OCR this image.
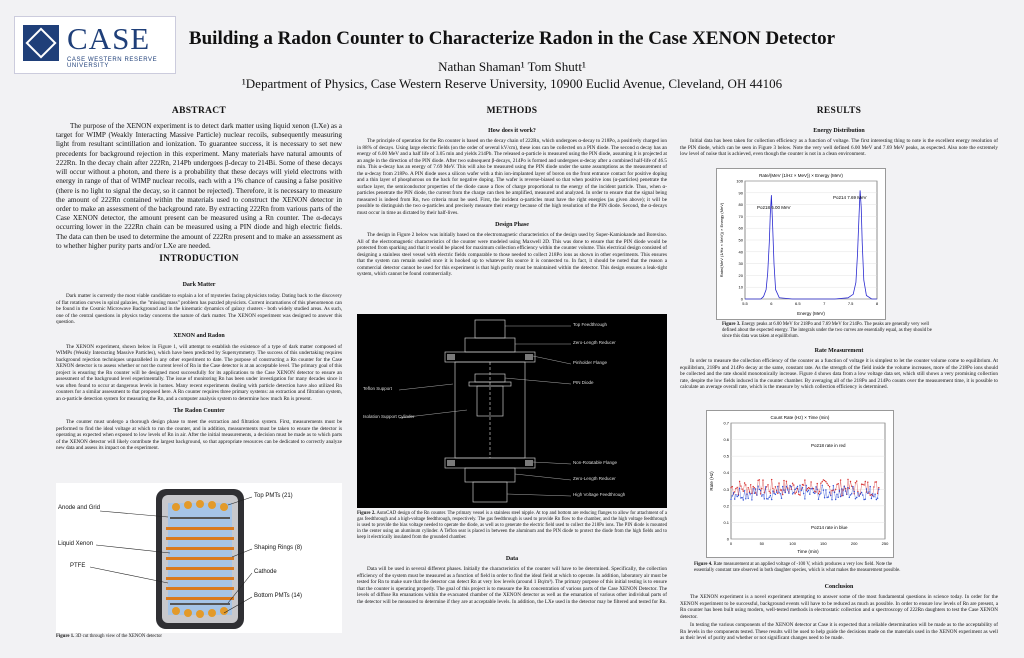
CASE
CASE WESTERN RESERVE UNIVERSITY
Building a Radon Counter to Characterize Radon in the Case XENON Detector
Nathan Shaman¹ Tom Shutt¹
¹Department of Physics, Case Western Reserve University, 10900 Euclid Avenue, Cleveland, OH 44106
ABSTRACT

The purpose of the XENON experiment is to detect dark matter using liquid xenon (LXe) as a target for WIMP (Weakly Interacting Massive Particle) nuclear recoils, subsequently measuring light from resultant scintillation and ionization. To guarantee success, it is necessary to set new precedents for background rejection in this experiment. Many materials have natural amounts of 222Rn. In the decay chain after 222Rn, 214Pb undergoes β-decay to 214Bi. Some of these decays will occur without a photon, and there is a probability that these decays will yield electrons with energy in range of that of WIMP nuclear recoils, each with a 1% chance of causing a false positive (there is no light to signal the decay, so it cannot be rejected). Therefore, it is necessary to measure the amount of 222Rn contained within the materials used to construct the XENON detector in order to make an assessment of the background rate. By extracting 222Rn from various parts of the Case XENON detector, the amount present can be measured using a Rn counter. The α-decays occurring lower in the 222Rn chain can be measured using a PIN diode and high electric fields. The data can then be used to determine the amount of 222Rn present and to make an assessment as to whether higher purity parts and/or LXe are needed.

INTRODUCTION
Dark Matter

Dark matter is currently the most viable candidate to explain a lot of mysteries facing physicists today. Dating back to the discovery of flat rotation curves in spiral galaxies, the "missing mass" problem has puzzled physicists. Current incarnations of this phenomenon can be found in the Cosmic Microwave Background and in the kinematic dynamics of galaxy clusters - both widely studied areas. As such, one of the central questions in physics today concerns the nature of dark matter. The XENON experiment was designed to answer this question.

XENON and Radon

The XENON experiment, shown below in Figure 1, will attempt to establish the existence of a type of dark matter composed of WIMPs (Weakly Interacting Massive Particles), which have been predicted by Supersymmetry. The success of this undertaking requires background rejection techniques unparalleled in any other experiment to date. The purpose of constructing a Rn counter for the Case XENON detector is to assess whether or not the current level of Rn in the Case detector is at an acceptable level. The primary goal of this project is ensuring the Rn counter will be designed most successfully for its applications to the Case XENON detector to ensure an assessment of the background level experimentally. The issue of monitoring Rn has been under investigation for many decades since it was often found to occur at dangerous levels in homes. Many recent experiments dealing with particle detection have also utilized Rn counters for a similar assessment to that proposed here. A Rn counter requires three primary systems: an extraction and filtration system, an α-particle detection system for measuring the Rn, and a computer analysis system to determine how much Rn is present.

The Radon Counter

The counter must undergo a thorough design phase to meet the extraction and filtration system. First, measurements must be performed to find the ideal voltage at which to run the counter, and in addition, measurements must be taken to ensure the detector is operating as expected when exposed to low levels of Rn in air. After the initial measurements, a decision must be made as to which parts of the XENON detector will likely contribute the largest background, so that appropriate resources can be dedicated to correctly analyze new data and assess its impact on the experiment.

Anode and Grid
Liquid Xenon
PTFE
Top PMTs (21)
Shaping Rings (8)
Cathode
Bottom PMTs (14)
Figure 1. 3D cut through view of the XENON detector
METHODS
How does it work?

The principle of operation for the Rn counter is based on the decay chain of 222Rn, which undergoes α-decay to 218Po, a positively charged ion in 88% of decays. Using large electric fields (on the order of several kV/cm), these ions can be collected on a PIN diode. The second α decay has an energy of 6.00 MeV and a half life of 3.05 min and yields 214Pb. The released α-particle is measured using the PIN diode, assuming it is projected at an angle in the direction of the PIN diode. After two subsequent β-decays, 214Po is formed and undergoes α-decay after a combined half-life of 46.5 min. This α-decay has an energy of 7.69 MeV. This will also be measured using the PIN diode under the same assumptions as the measurement of the α-decay from 218Po. A PIN diode uses a silicon wafer with a thin ion-implanted layer of boron on the front entrance contact for positive doping and a thin layer of phosphorous on the back for negative doping. The wafer is reverse-biased so that when positive ions (α-particles) penetrate the surface layer, the semiconductor properties of the diode cause a flow of charge proportional to the energy of the incident particle. Thus, when α-particles penetrate the PIN diode, the current from the charge can then be amplified, measured and analyzed. In order to ensure that the signal being measured is indeed from Rn, two criteria must be used. First, the incident α-particles must have the right energies (as given above); it will be possible to distinguish the two α-particles and precisely measure their energy because of the high resolution of the PIN diode. Second, the α-decays must occur in time as dictated by their half-lives.

Design Phase

The design in Figure 2 below was initially based on the electromagnetic characteristics of the design used by Super-Kamiokande and Borexino. All of the electromagnetic characteristics of the counter were modeled using Maxwell 2D. This was done to ensure that the PIN diode would be protected from sparking and that it would be placed for maximum collection efficiency within the counter volume. This electrical design consisted of designing a stainless steel vessel with electric fields comparable to those needed to collect 218Po ions as shown in other experiments. This ensures that the system can remain sealed once it is hooked up to whatever Rn source it is connected to. In fact, it should be noted that the reason a commercial detector cannot be used for this experiment is that high purity must be maintained within the detector. This design ensures a leak-tight system, which cannot be found commercially.

Top Feedthrough
Zero-Length Reducer
Pinholder Flange
PIN Diode
Teflon Support
Isolation Support Cylinder
Non-Rotatable Flange
Zero-Length Reducer
High Voltage Feedthrough
Figure 2. AutoCAD design of the Rn counter. The primary vessel is a stainless steel nipple. At top and bottom are reducing flanges to allow for attachment of a gas feedthrough and a high-voltage feedthrough, respectively. The gas feedthrough is used to provide Rn flow to the chamber, and the high voltage feedthrough is used to provide the bias voltage needed to operate the diode, as well as to generate the electric field used to collect the 218Po ions. The PIN diode is mounted in the center using an aluminum cylinder. A Teflon seat is placed in between the aluminum and the PIN diode to protect the diode from the high fields and to keep it electrically insulated from the grounded chamber.
Data

Data will be used in several different phases. Initially the characteristics of the counter will have to be determined. Specifically, the collection efficiency of the system must be measured as a function of field in order to find the ideal field at which to operate. In addition, laboratory air must be tested for Rn to make sure that the detector can detect Rn at very low levels (around 1 Bq/m³). The primary purpose of this initial testing is to ensure that the counter is operating properly. The goal of this project is to measure the Rn concentration of various parts of the Case XENON Detector. The levels of diffuse Rn emanations within the evacuated chamber of the XENON detector as well as the emanation of various other individual parts of the detector will be measured to determine if they are at acceptable levels. In addition, the LXe used in the detector may be filtered and tested for Rn.

RESULTS
Energy Distribution

Initial data has been taken for collection efficiency as a function of voltage. The first interesting thing to note is the excellent energy resolution of the PIN diode, which can be seen in Figure 3 below. Note the very well defined 6.00 MeV and 7.69 MeV peaks, as expected. Also note the extremely low level of noise that is achieved, even though the counter is not in a clean environment.

Rate/(MeV (1/Hz × MeV)) × Energy (MeV)
0
10
20
30
40
50
60
70
80
90
100
5.5	6	6.5	7	7.5	8
Po218 6.00 MeV
Po214 7.69 MeV
Energy (MeV)
Rate/(MeV (1/Hz × MeV)) × Energy (MeV)
Figure 3. Energy peaks at 6.00 MeV for 218Po and 7.69 MeV for 214Po. The peaks are generally very well defined about the expected energy. The integrals under the two curves are essentially equal, as they should be since this data was taken at equilibrium.
Rate Measurement

In order to measure the collection efficiency of the counter as a function of voltage it is simplest to let the counter volume come to equilibrium. At equilibrium, 218Po and 214Po decay at the same, constant rate. As the strength of the field inside the volume increases, more of the 218Po ions should be collected and the rate should monotonically increase. Figure 4 shows data from a low voltage data set, which still shows a very promising collection rate, despite the low fields induced in the counter chamber. By averaging all of the 218Po and 214Po counts over the measurement time, it is possible to calculate an average overall rate, which is the measure by which collection efficiency is determined.

Count Rate (Hz) × Time (min)
0
0.1
0.2
0.3
0.4
0.5
0.6
0.7
0	50	100	150	200	250
Po218 rate in red
Po214 rate in blue
Time (min)
Rate (Hz)
Figure 4. Rate measurement at an applied voltage of -100 V, which produces a very low field. Note the essentially constant rate observed in both daughter species, which is what makes the measurement possible.
Conclusion

The XENON experiment is a novel experiment attempting to answer some of the most fundamental questions in science today. In order for the XENON experiment to be successful, background events will have to be reduced as much as possible. In order to ensure low levels of Rn are present, a Rn counter has been built using modern, well-tested methods in electrostatic collection and α spectroscopy of 222Rn daughters to test the Case XENON detector.

In testing the various components of the XENON detector at Case it is expected that a reliable determination will be made as to the acceptability of Rn levels in the components tested. These results will be used to help guide the decisions made on the materials used in the XENON experiment as well as their level of purity and whether or not significant changes need to be made.
